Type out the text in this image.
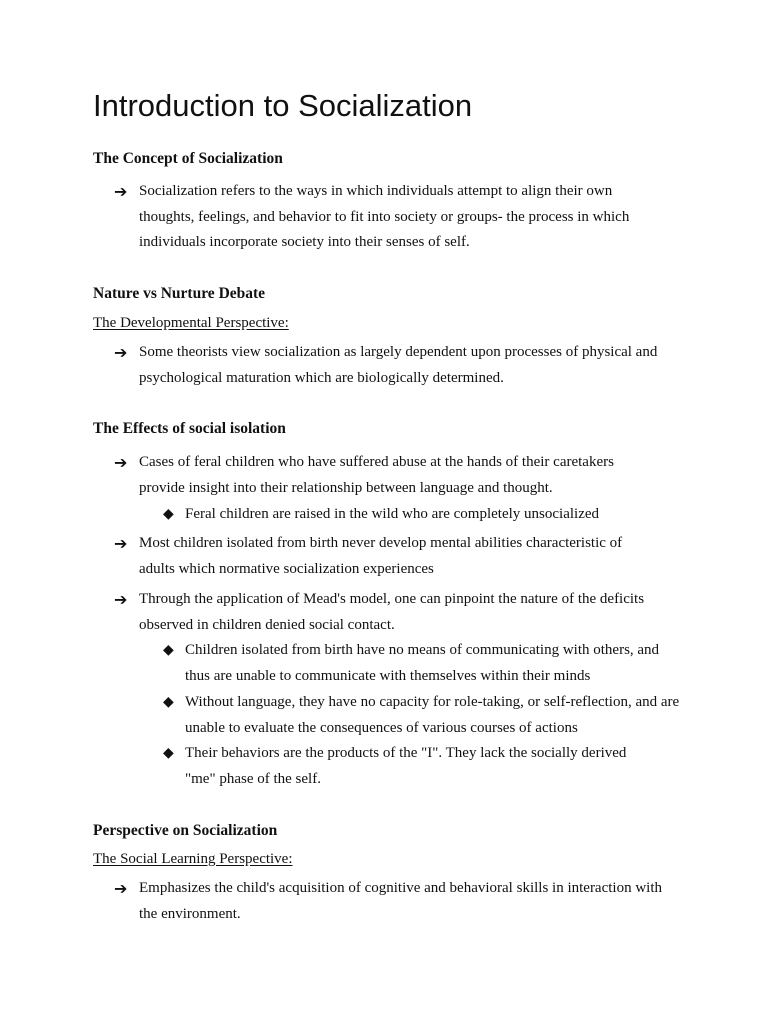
Introduction to Socialization
The Concept of Socialization
➔ Socialization refers to the ways in which individuals attempt to align their own thoughts, feelings, and behavior to fit into society or groups- the process in which individuals incorporate society into their senses of self.
Nature vs Nurture Debate

The Developmental Perspective:

➔ Some theorists view socialization as largely dependent upon processes of physical and psychological maturation which are biologically determined.
The Effects of social isolation
➔ Cases of feral children who have suffered abuse at the hands of their caretakers provide insight into their relationship between language and thought.
◆ Feral children are raised in the wild who are completely unsocialized
➔ Most children isolated from birth never develop mental abilities characteristic of adults which normative socialization experiences
➔ Through the application of Mead's model, one can pinpoint the nature of the deficits observed in children denied social contact.
◆ Children isolated from birth have no means of communicating with others, and thus are unable to communicate with themselves within their minds
◆ Without language, they have no capacity for role-taking, or self-reflection, and are unable to evaluate the consequences of various courses of actions
◆ Their behaviors are the products of the "I". They lack the socially derived "me" phase of the self.
Perspective on Socialization

The Social Learning Perspective:

➔ Emphasizes the child's acquisition of cognitive and behavioral skills in interaction with the environment.
